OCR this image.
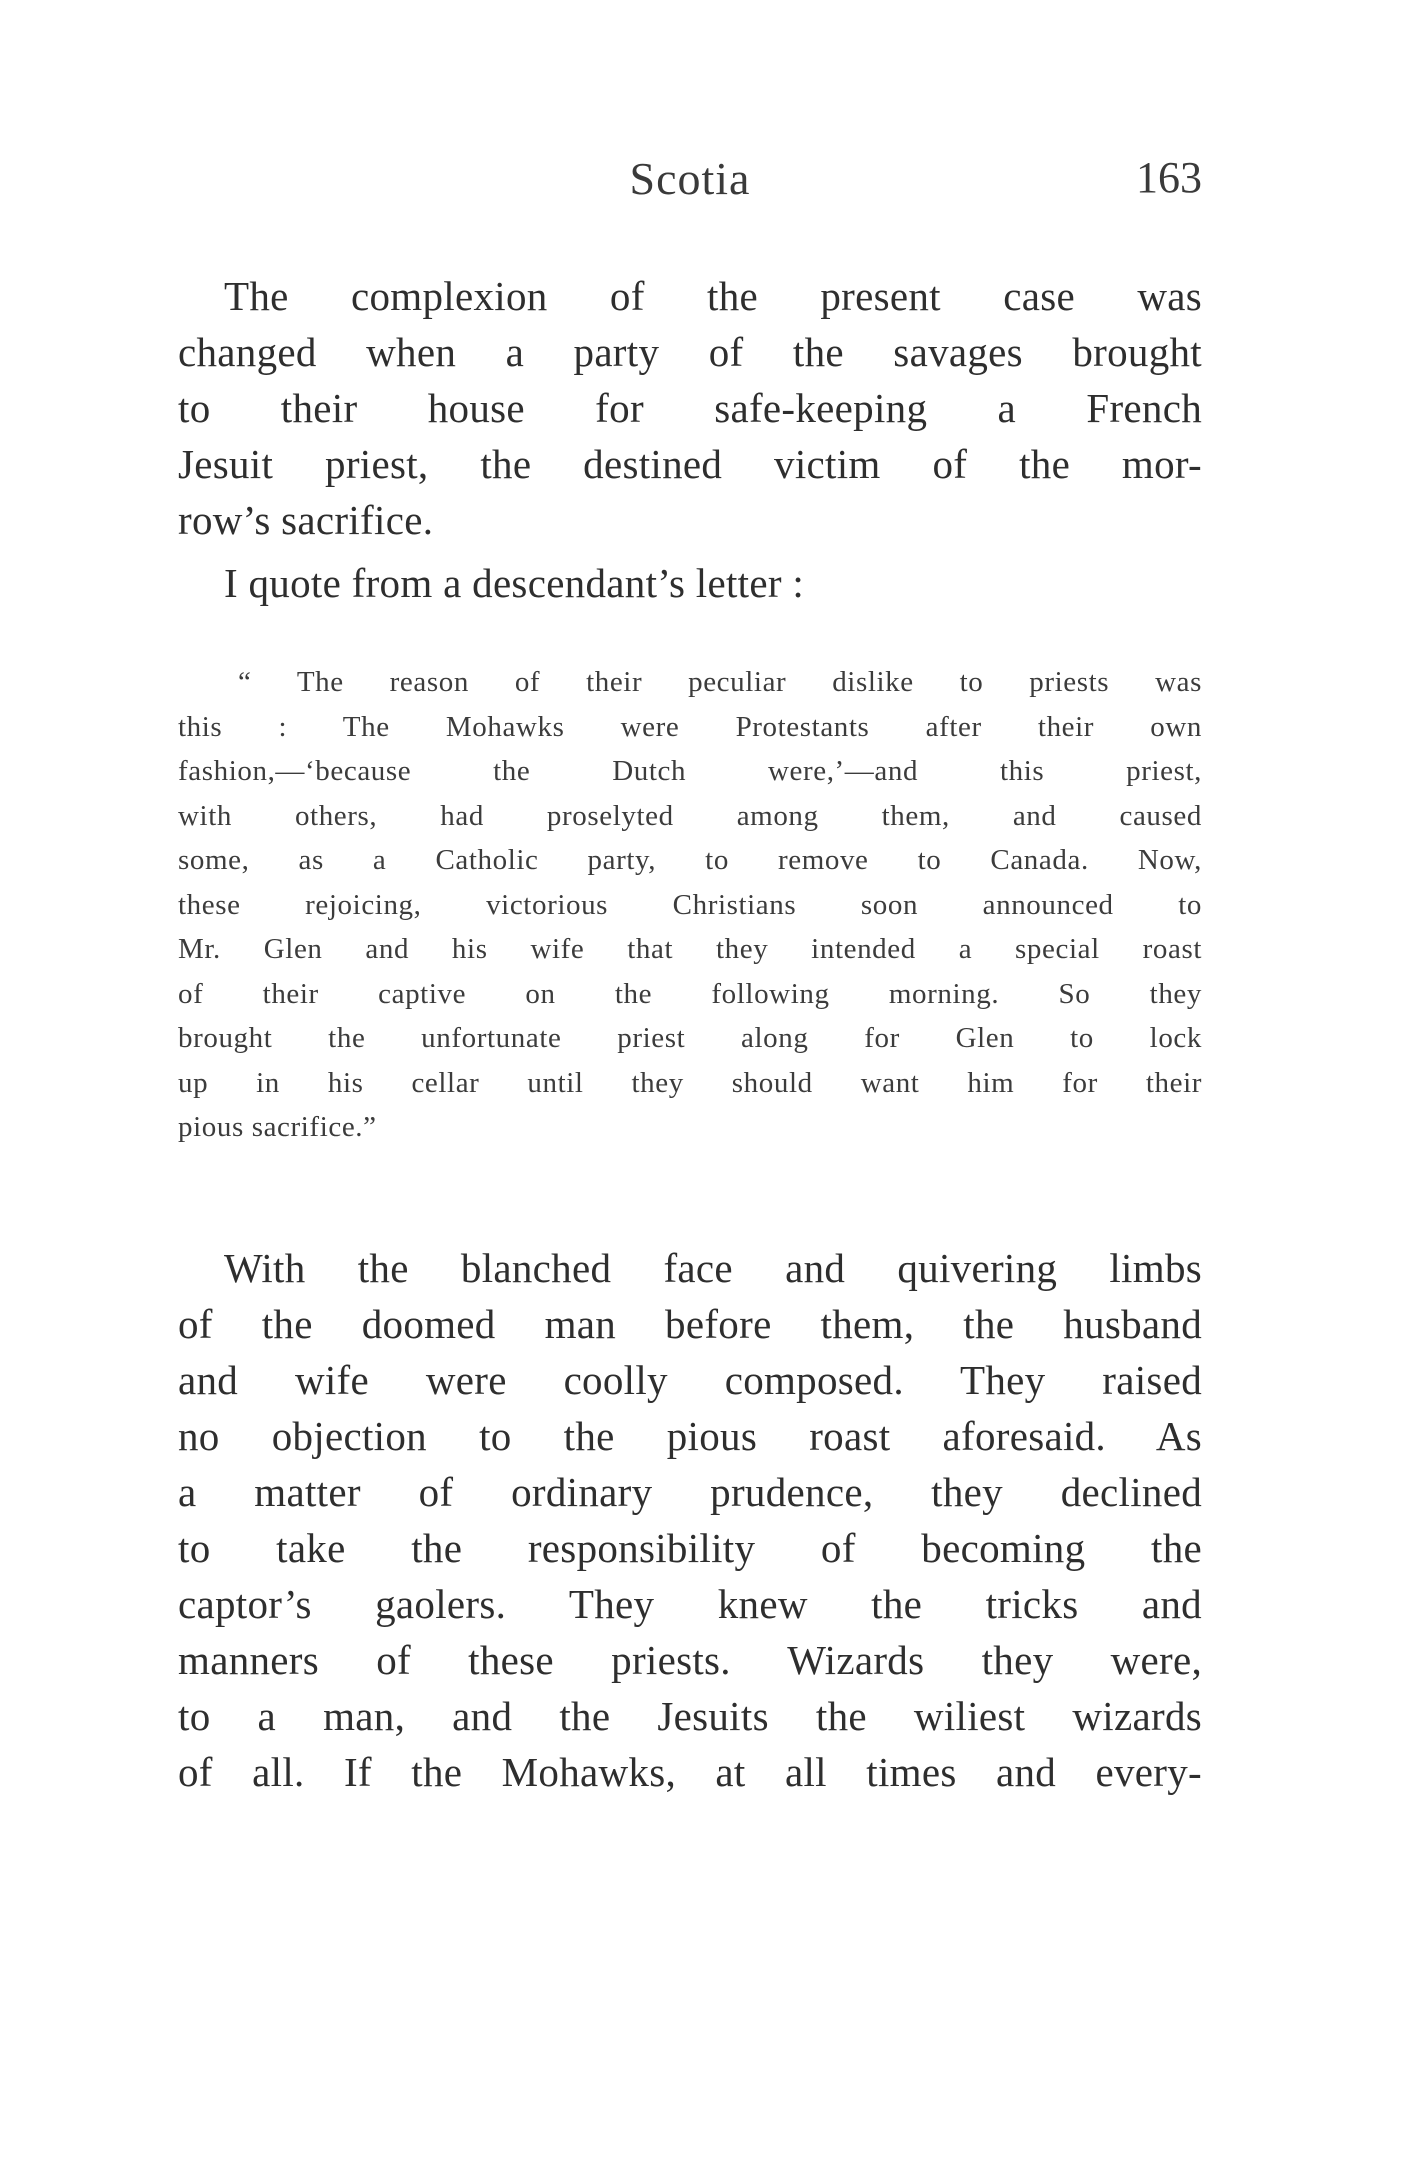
Scotia	163
The complexion of the present case was
changed when a party of the savages brought
to their house for safe-keeping a French
Jesuit priest, the destined victim of the mor-
row’s sacrifice.
I quote from a descendant’s letter :
“ The reason of their peculiar dislike to priests was
this : The Mohawks were Protestants after their own
fashion,—‘because the Dutch were,’—and this priest,
with others, had proselyted among them, and caused
some, as a Catholic party, to remove to Canada. Now,
these rejoicing, victorious Christians soon announced to
Mr. Glen and his wife that they intended a special roast
of their captive on the following morning. So they
brought the unfortunate priest along for Glen to lock
up in his cellar until they should want him for their
pious sacrifice.”
With the blanched face and quivering limbs
of the doomed man before them, the husband
and wife were coolly composed. They raised
no objection to the pious roast aforesaid. As
a matter of ordinary prudence, they declined
to take the responsibility of becoming the
captor’s gaolers. They knew the tricks and
manners of these priests. Wizards they were,
to a man, and the Jesuits the wiliest wizards
of all. If the Mohawks, at all times and every-
